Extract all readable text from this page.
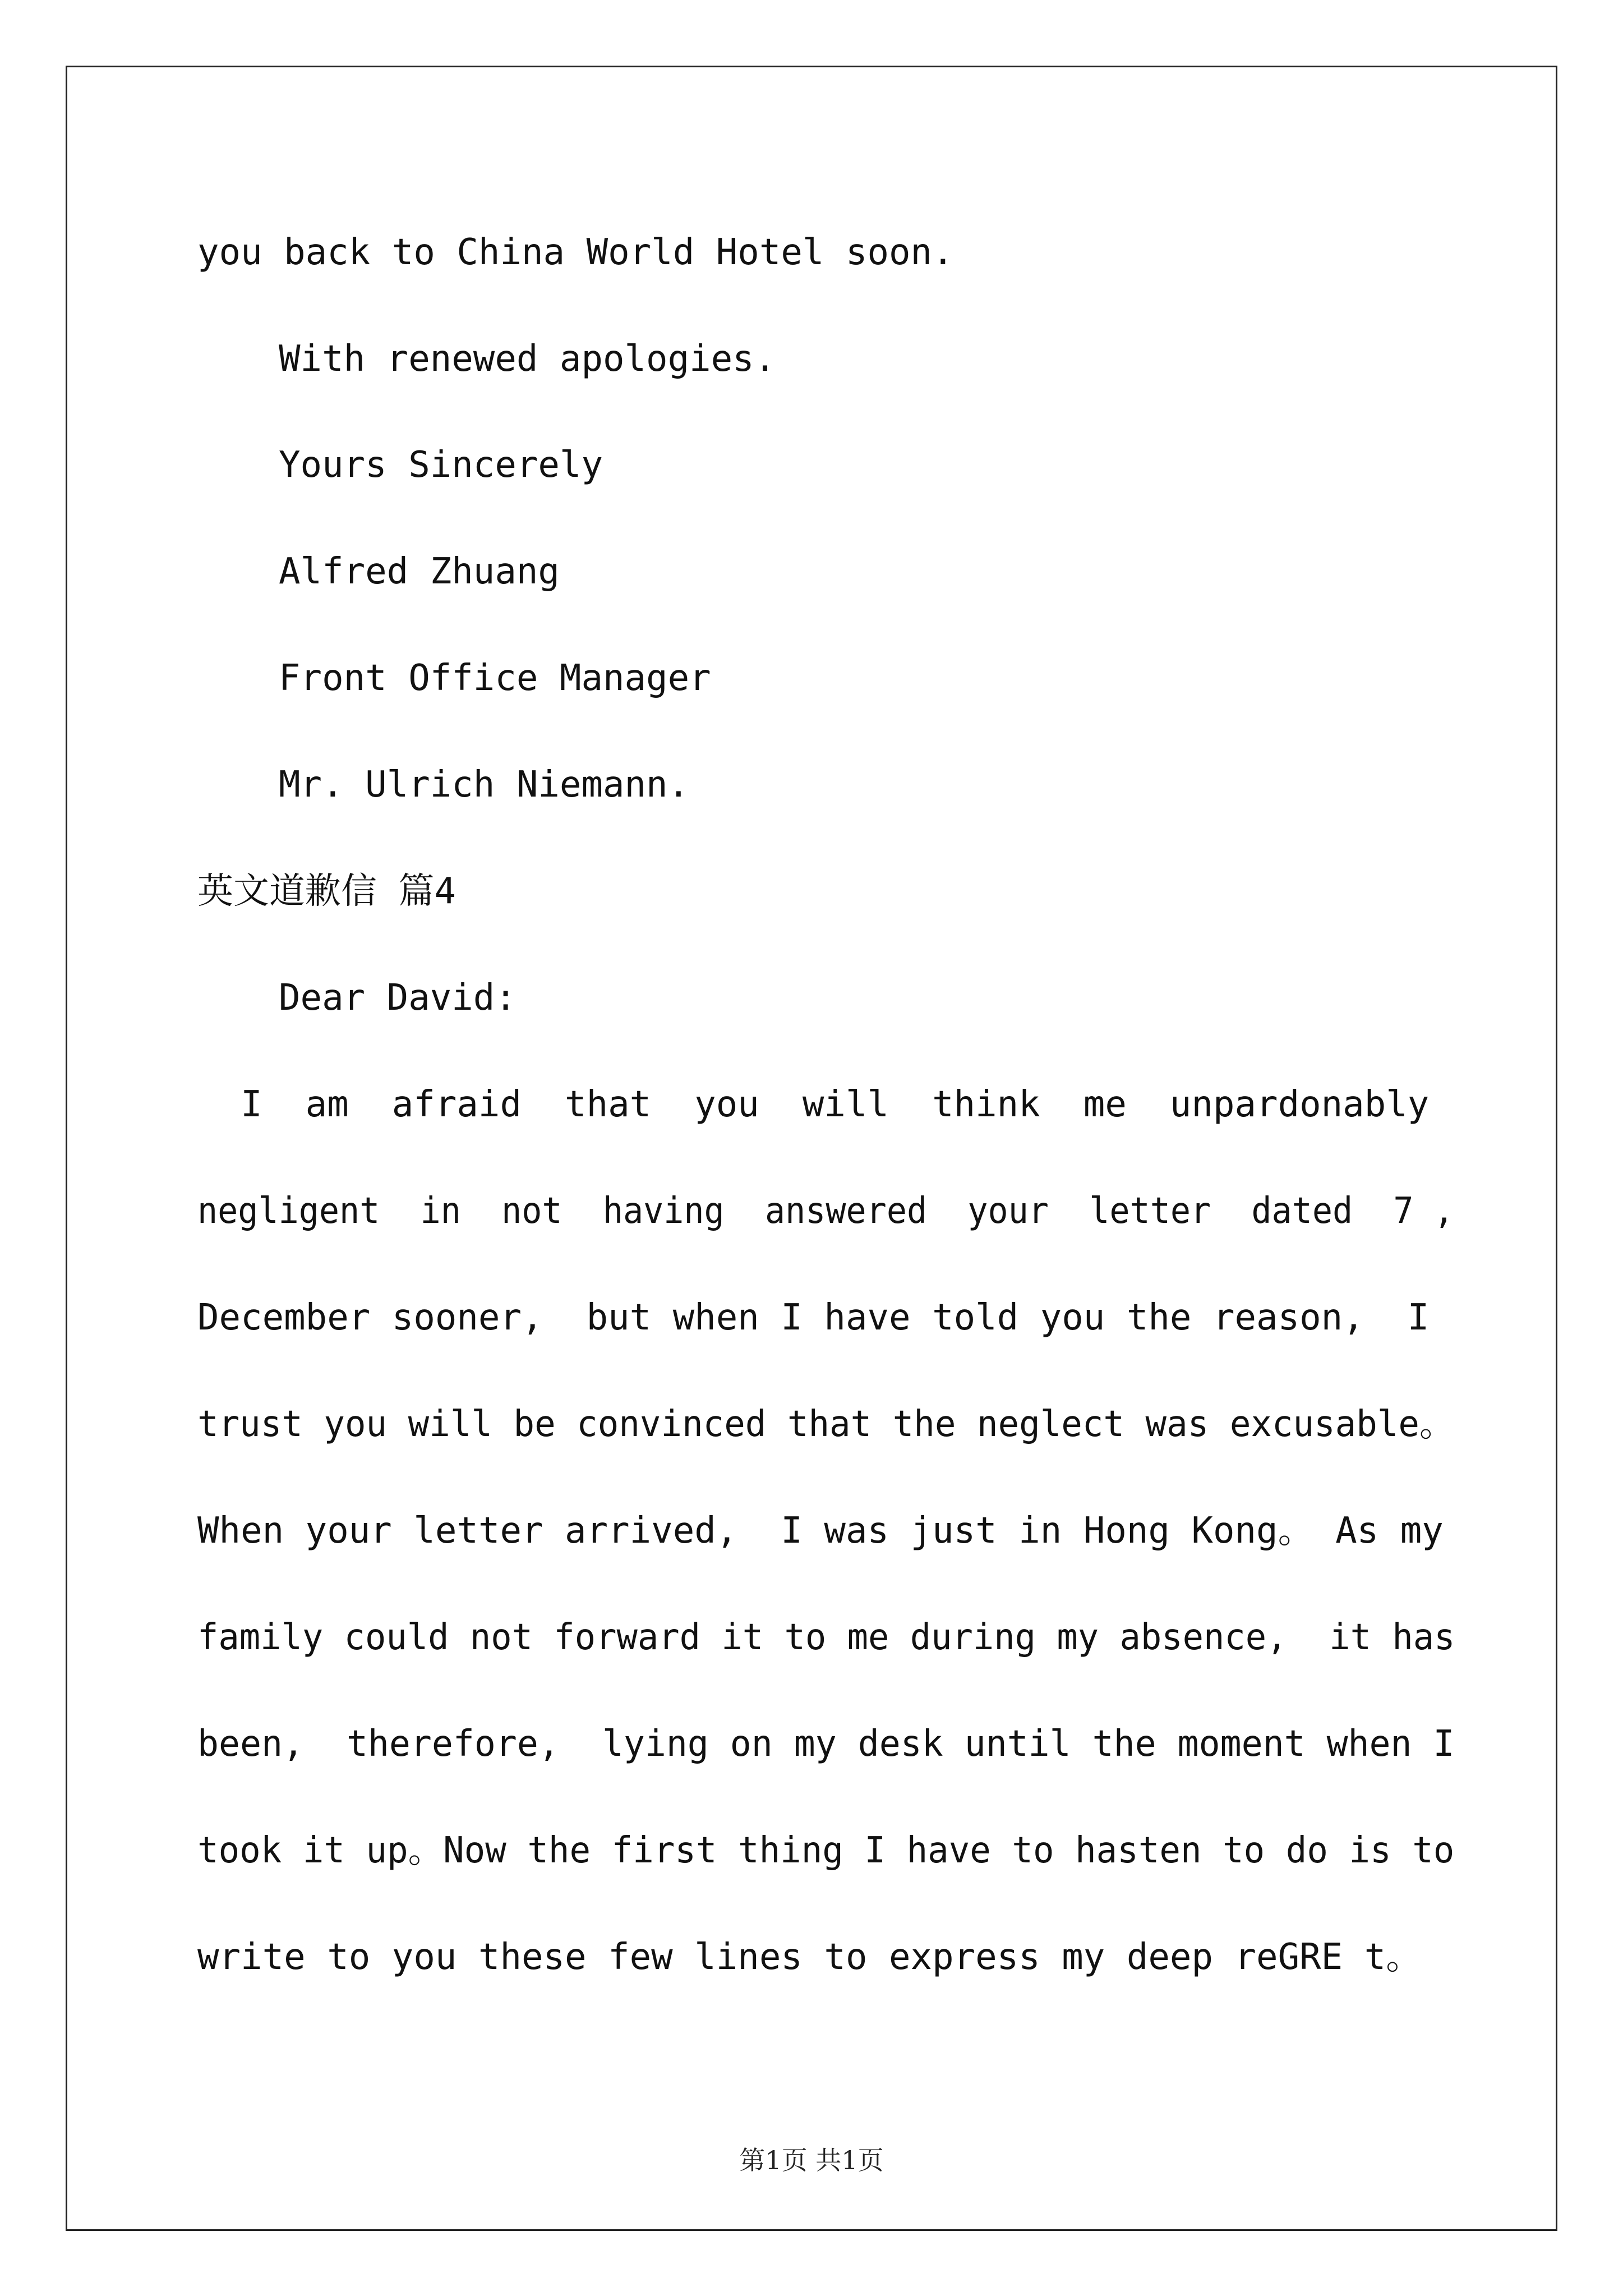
you back to China World Hotel soon.
With renewed apologies.
Yours Sincerely
Alfred Zhuang
Front Office Manager
Mr. Ulrich Niemann.
英文道歉信 篇4
Dear David:
I  am  afraid  that  you  will  think  me  unpardonably
negligent  in  not  having  answered  your  letter  dated  7 ,
December sooner,  but when I have told you the reason,  I
trust you will be convinced that the neglect was excusable。
When your letter arrived,  I was just in Hong Kong。 As my
family could not forward it to me during my absence,  it has
been,  therefore,  lying on my desk until the moment when I
took it up。Now the first thing I have to hasten to do is to
write to you these few lines to express my deep reGRE t。
第1页 共1页
